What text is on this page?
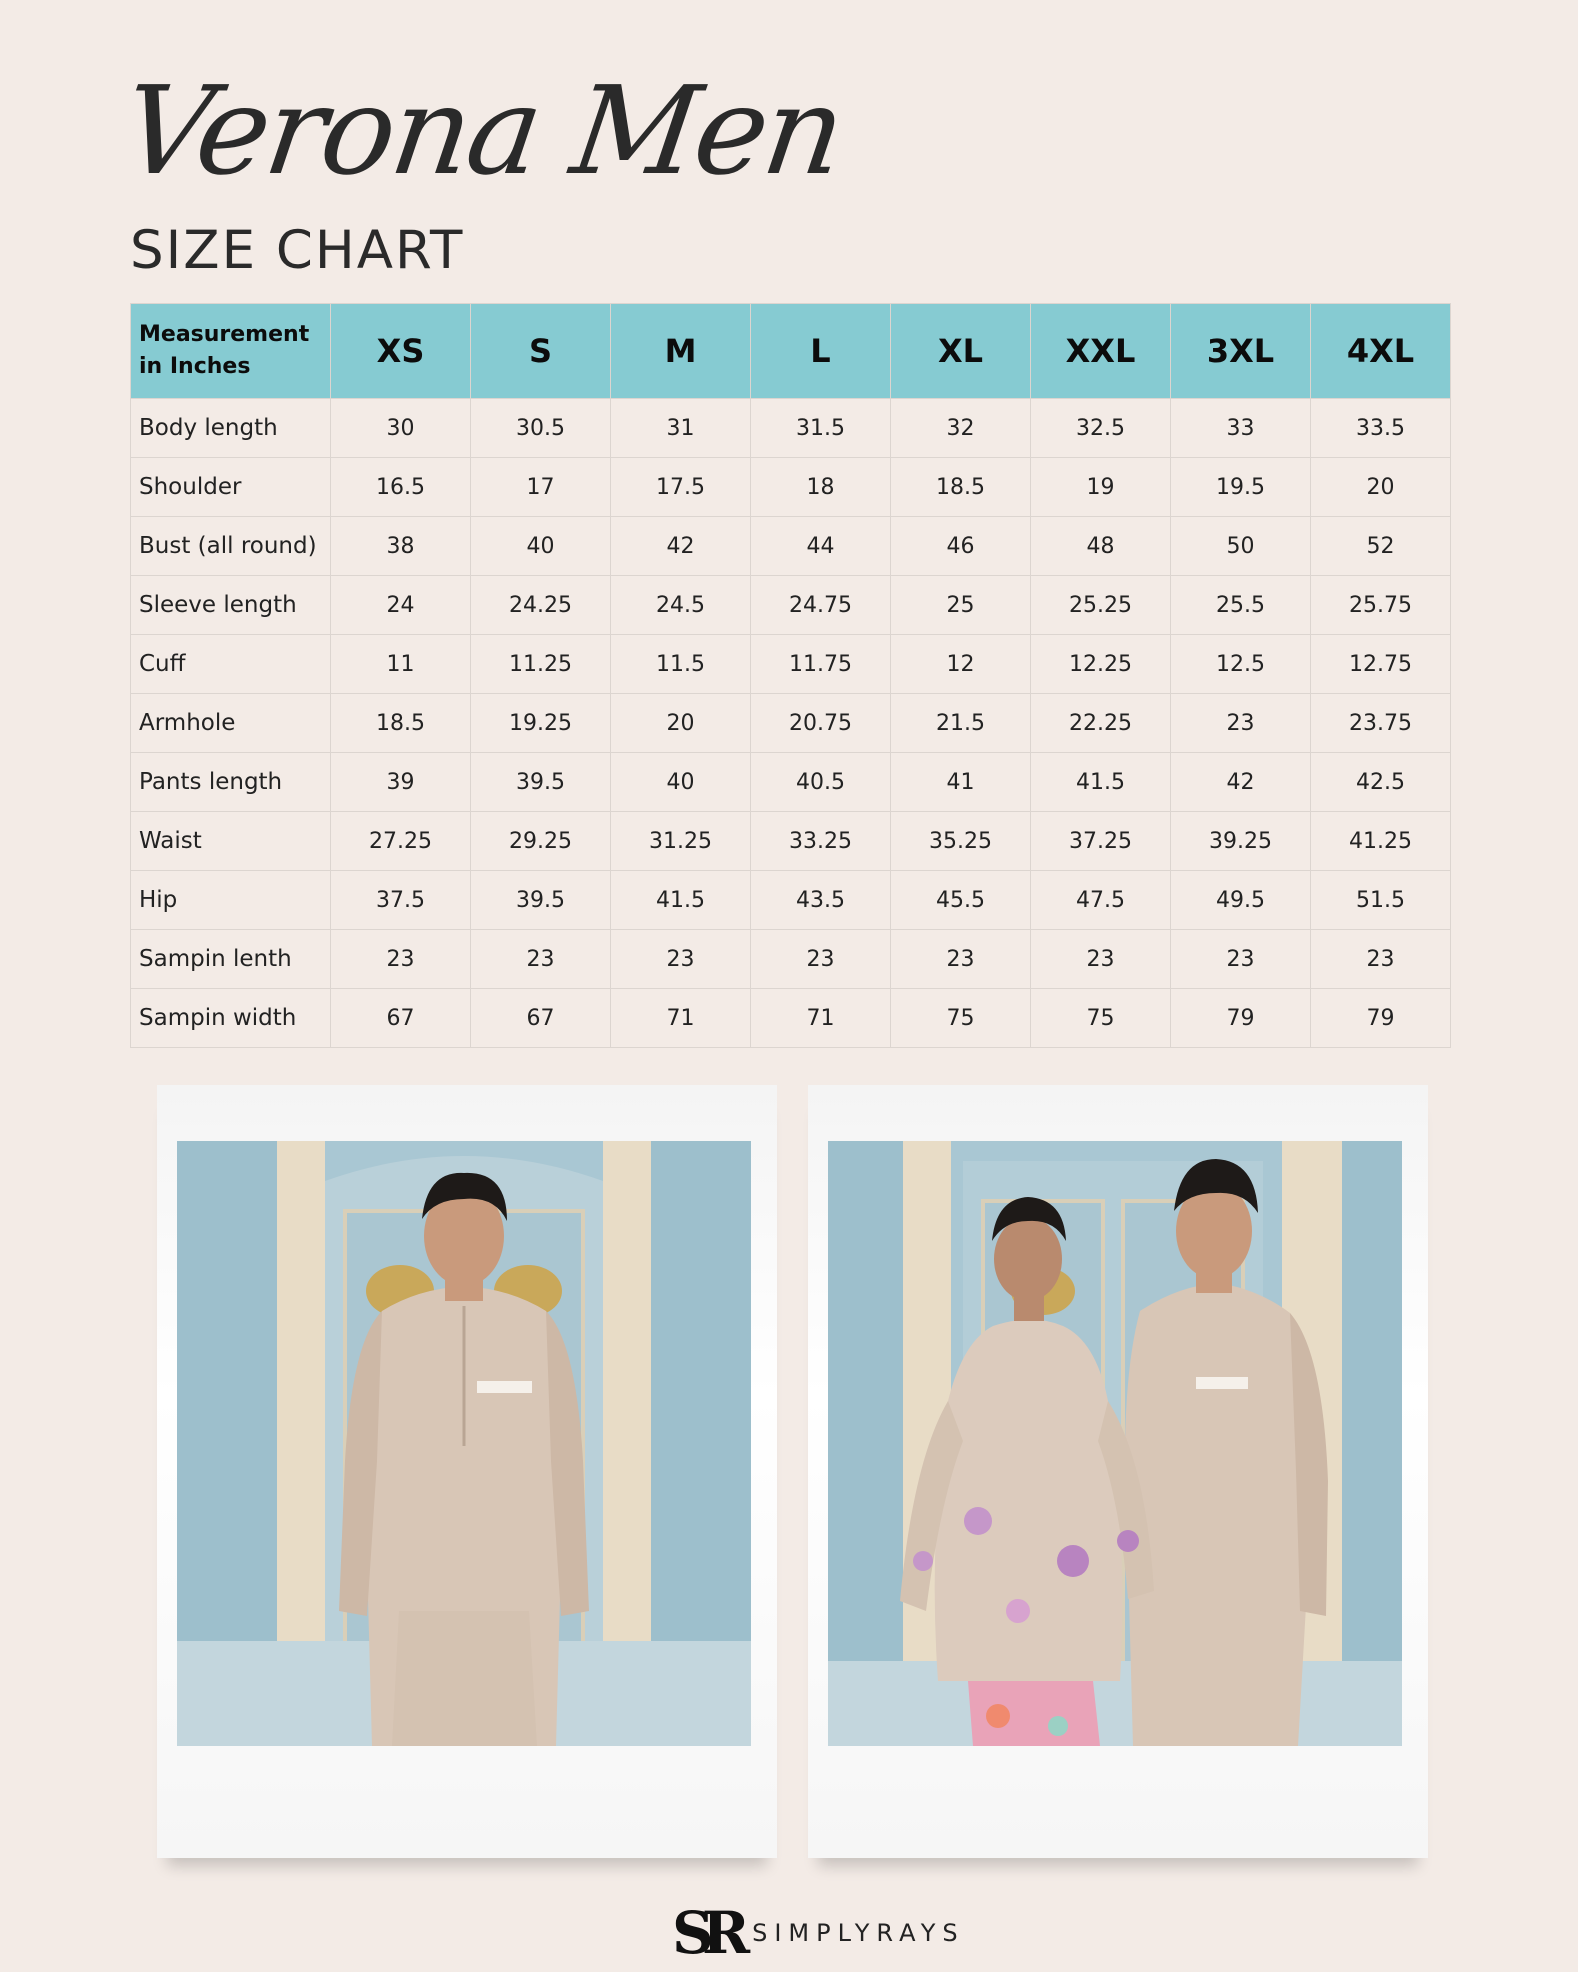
Verona Men
SIZE CHART
Measurement in Inches	XS	S	M	L	XL	XXL	3XL	4XL
Body length	30	30.5	31	31.5	32	32.5	33	33.5
Shoulder	16.5	17	17.5	18	18.5	19	19.5	20
Bust (all round)	38	40	42	44	46	48	50	52
Sleeve length	24	24.25	24.5	24.75	25	25.25	25.5	25.75
Cuff	11	11.25	11.5	11.75	12	12.25	12.5	12.75
Armhole	18.5	19.25	20	20.75	21.5	22.25	23	23.75
Pants length	39	39.5	40	40.5	41	41.5	42	42.5
Waist	27.25	29.25	31.25	33.25	35.25	37.25	39.25	41.25
Hip	37.5	39.5	41.5	43.5	45.5	47.5	49.5	51.5
Sampin lenth	23	23	23	23	23	23	23	23
Sampin width	67	67	71	71	75	75	79	79
SR SIMPLYRAYS
